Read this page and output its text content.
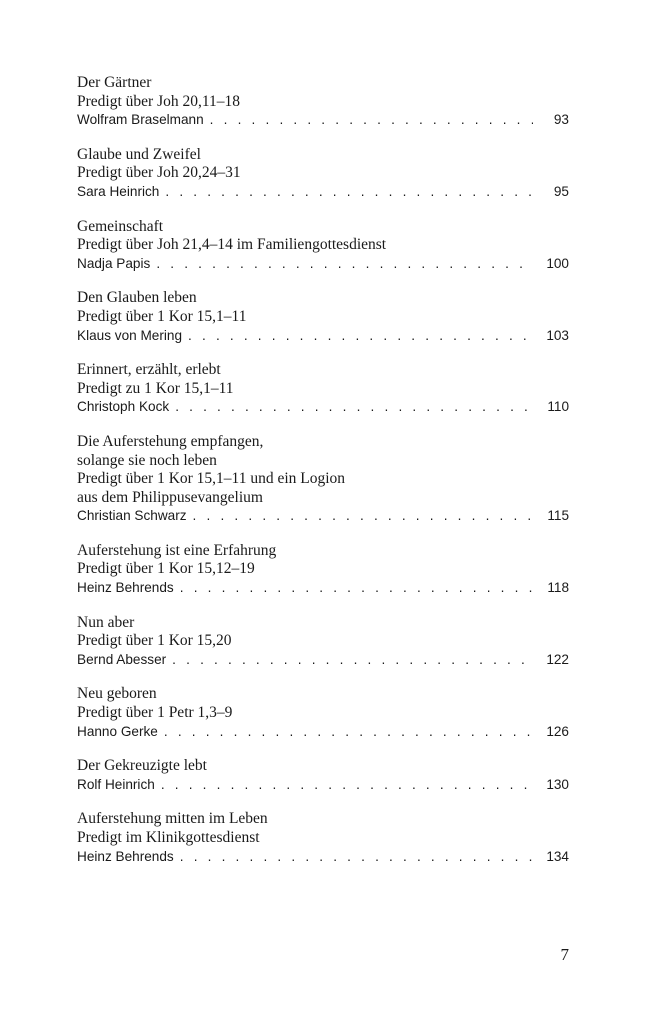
Der Gärtner
Predigt über Joh 20,11–18
Wolfram Braselmann . . .	93
Glaube und Zweifel
Predigt über Joh 20,24–31
Sara Heinrich . . .	95
Gemeinschaft
Predigt über Joh 21,4–14 im Familiengottesdienst
Nadja Papis . . .	100
Den Glauben leben
Predigt über 1 Kor 15,1–11
Klaus von Mering . . .	103
Erinnert, erzählt, erlebt
Predigt zu 1 Kor 15,1–11
Christoph Kock . . .	110
Die Auferstehung empfangen,
solange sie noch leben
Predigt über 1 Kor 15,1–11 und ein Logion
aus dem Philippusevangelium
Christian Schwarz . . .	115
Auferstehung ist eine Erfahrung
Predigt über 1 Kor 15,12–19
Heinz Behrends . . .	118
Nun aber
Predigt über 1 Kor 15,20
Bernd Abesser . . .	122
Neu geboren
Predigt über 1 Petr 1,3–9
Hanno Gerke . . .	126
Der Gekreuzigte lebt
Rolf Heinrich . . .	130
Auferstehung mitten im Leben
Predigt im Klinikgottesdienst
Heinz Behrends . . .	134
7
